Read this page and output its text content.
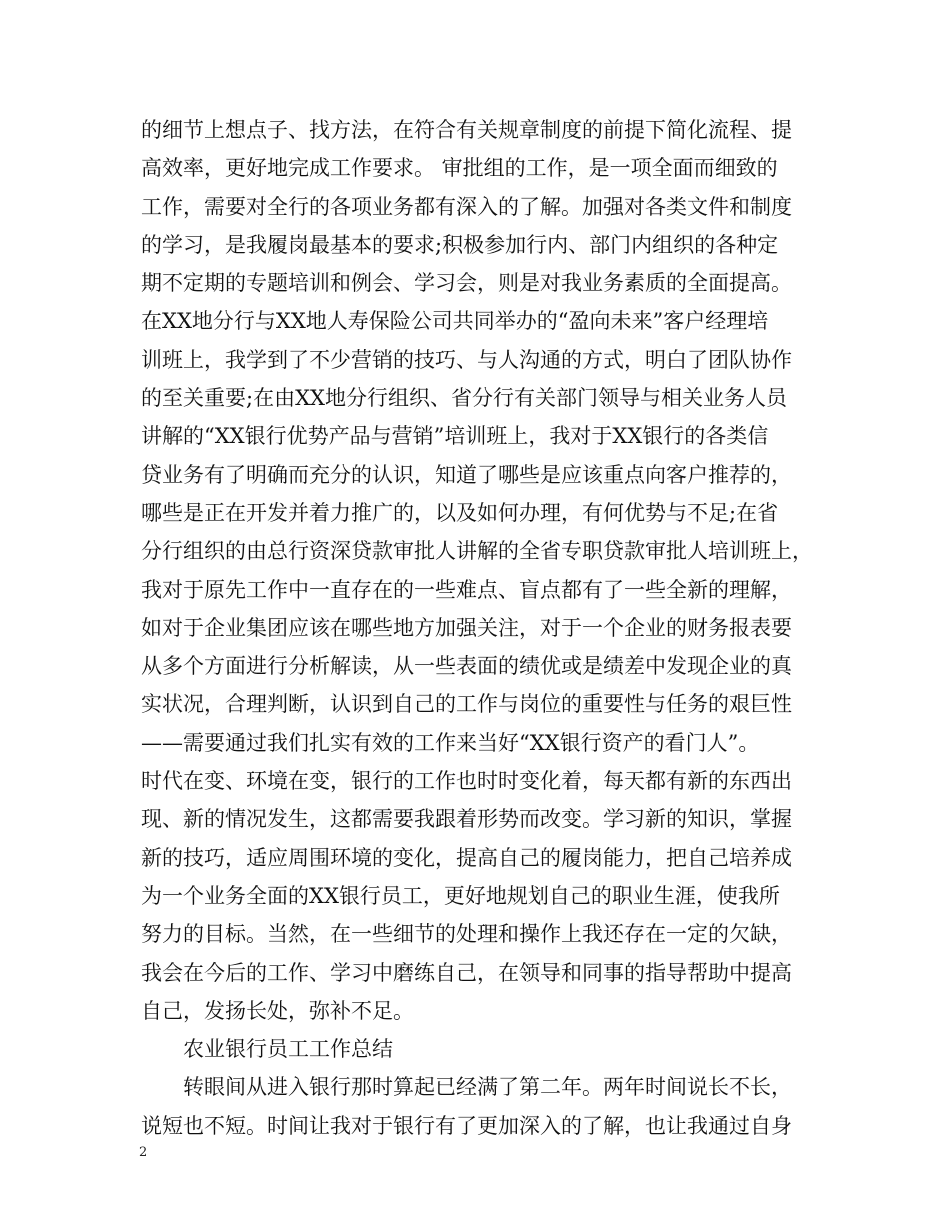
的细节上想点子、找方法，在符合有关规章制度的前提下简化流程、提
高效率，更好地完成工作要求。 审批组的工作，是一项全面而细致的
工作，需要对全行的各项业务都有深入的了解。加强对各类文件和制度
的学习，是我履岗最基本的要求;积极参加行内、部门内组织的各种定
期不定期的专题培训和例会、学习会，则是对我业务素质的全面提高。
在XX地分行与XX地人寿保险公司共同举办的“盈向未来”客户经理培
训班上，我学到了不少营销的技巧、与人沟通的方式，明白了团队协作
的至关重要;在由XX地分行组织、省分行有关部门领导与相关业务人员
讲解的“XX银行优势产品与营销”培训班上，我对于XX银行的各类信
贷业务有了明确而充分的认识，知道了哪些是应该重点向客户推荐的，
哪些是正在开发并着力推广的，以及如何办理，有何优势与不足;在省
分行组织的由总行资深贷款审批人讲解的全省专职贷款审批人培训班上，
我对于原先工作中一直存在的一些难点、盲点都有了一些全新的理解，
如对于企业集团应该在哪些地方加强关注，对于一个企业的财务报表要
从多个方面进行分析解读，从一些表面的绩优或是绩差中发现企业的真
实状况，合理判断，认识到自己的工作与岗位的重要性与任务的艰巨性
——需要通过我们扎实有效的工作来当好“XX银行资产的看门人”。
时代在变、环境在变，银行的工作也时时变化着，每天都有新的东西出
现、新的情况发生，这都需要我跟着形势而改变。学习新的知识，掌握
新的技巧，适应周围环境的变化，提高自己的履岗能力，把自己培养成
为一个业务全面的XX银行员工，更好地规划自己的职业生涯，使我所
努力的目标。当然，在一些细节的处理和操作上我还存在一定的欠缺，
我会在今后的工作、学习中磨练自己，在领导和同事的指导帮助中提高
自己，发扬长处，弥补不足。
农业银行员工工作总结
转眼间从进入银行那时算起已经满了第二年。两年时间说长不长，
说短也不短。时间让我对于银行有了更加深入的了解，也让我通过自身
2
